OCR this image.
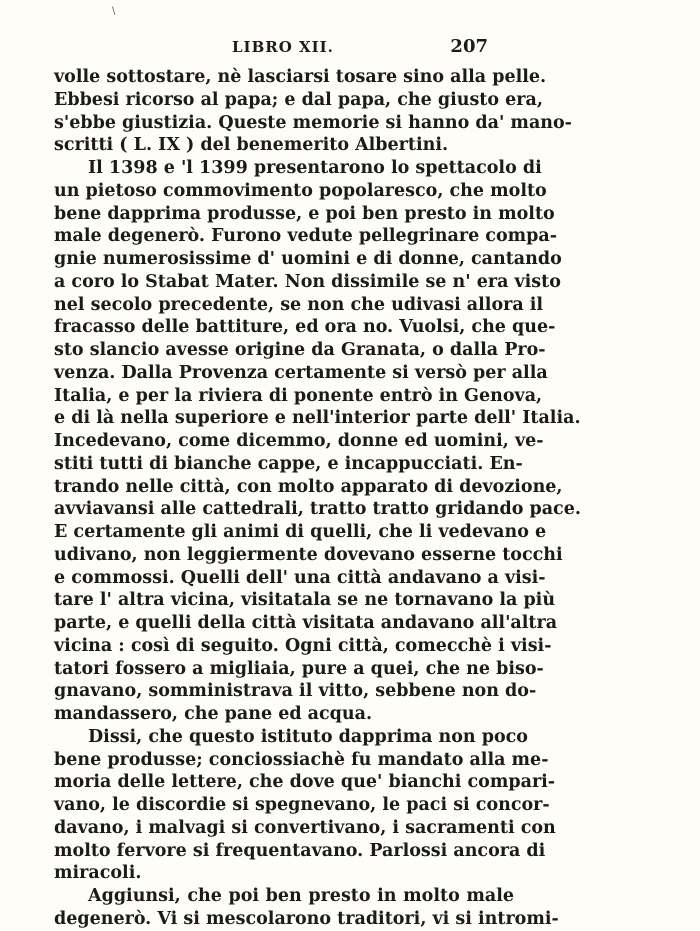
\
LIBRO XII.	207
volle sottostare, nè lasciarsi tosare sino alla pelle.
Ebbesi ricorso al papa; e dal papa, che giusto era,
s'ebbe giustizia. Queste memorie si hanno da' mano-
scritti ( L. IX ) del benemerito Albertini.
Il 1398 e 'l 1399 presentarono lo spettacolo di
un pietoso commovimento popolaresco, che molto
bene dapprima produsse, e poi ben presto in molto
male degenerò. Furono vedute pellegrinare compa-
gnie numerosissime d' uomini e di donne, cantando
a coro lo Stabat Mater. Non dissimile se n' era visto
nel secolo precedente, se non che udivasi allora il
fracasso delle battiture, ed ora no. Vuolsi, che que-
sto slancio avesse origine da Granata, o dalla Pro-
venza. Dalla Provenza certamente si versò per alla
Italia, e per la riviera di ponente entrò in Genova,
e di là nella superiore e nell'interior parte dell' Italia.
Incedevano, come dicemmo, donne ed uomini, ve-
stiti tutti di bianche cappe, e incappucciati. En-
trando nelle città, con molto apparato di devozione,
avviavansi alle cattedrali, tratto tratto gridando pace.
E certamente gli animi di quelli, che li vedevano e
udivano, non leggiermente dovevano esserne tocchi
e commossi. Quelli dell' una città andavano a visi-
tare l' altra vicina, visitatala se ne tornavano la più
parte, e quelli della città visitata andavano all'altra
vicina : così di seguito. Ogni città, comecchè i visi-
tatori fossero a migliaia, pure a quei, che ne biso-
gnavano, somministrava il vitto, sebbene non do-
mandassero, che pane ed acqua.
Dissi, che questo istituto dapprima non poco
bene produsse; conciossiachè fu mandato alla me-
moria delle lettere, che dove que' bianchi compari-
vano, le discordie si spegnevano, le paci si concor-
davano, i malvagi si convertivano, i sacramenti con
molto fervore si frequentavano. Parlossi ancora di
miracoli.
Aggiunsi, che poi ben presto in molto male
degenerò. Vi si mescolarono traditori, vi si intromi-
